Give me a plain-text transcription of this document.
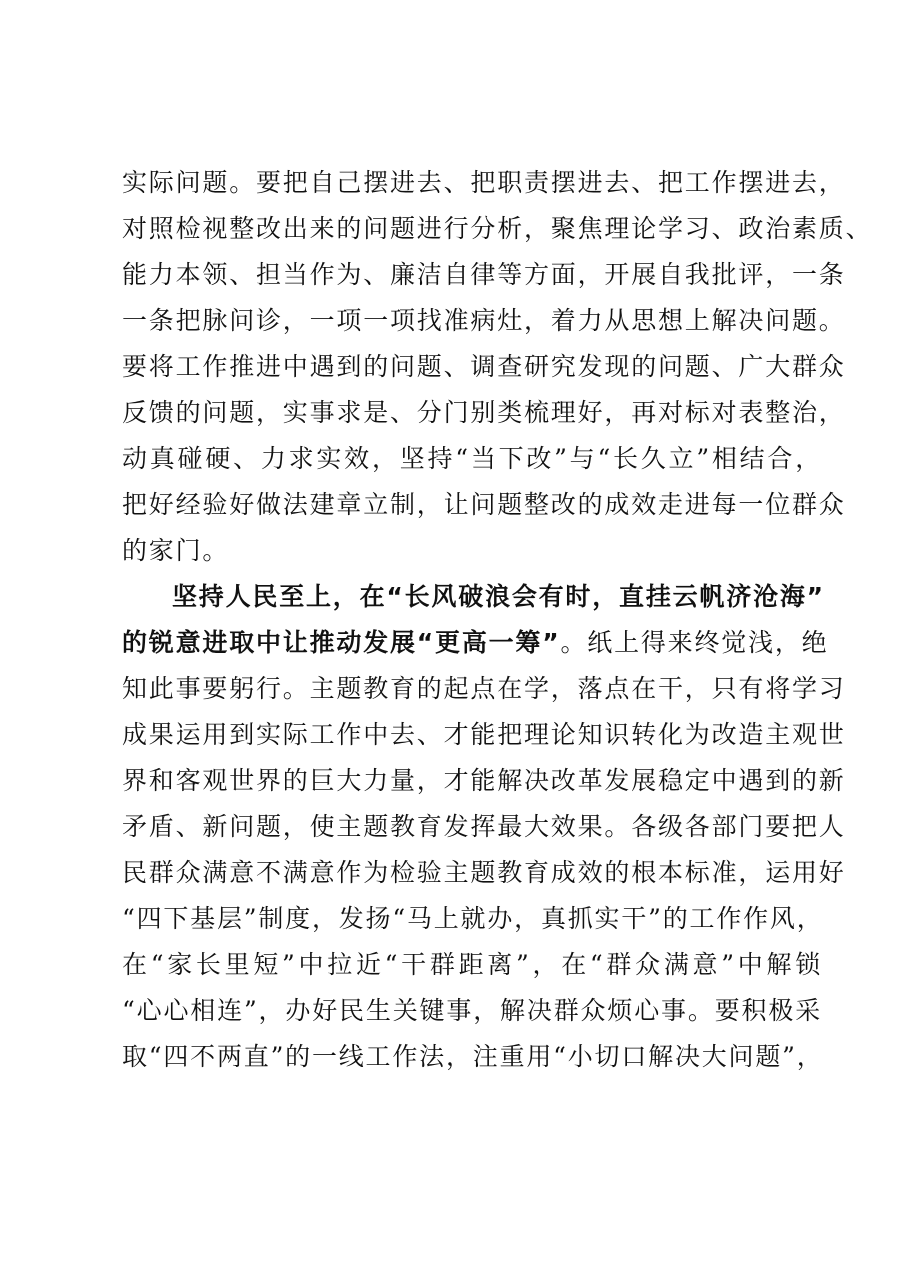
实际问题。要把自己摆进去、把职责摆进去、把工作摆进去，
对照检视整改出来的问题进行分析，聚焦理论学习、政治素质、
能力本领、担当作为、廉洁自律等方面，开展自我批评，一条
一条把脉问诊，一项一项找准病灶，着力从思想上解决问题。
要将工作推进中遇到的问题、调查研究发现的问题、广大群众
反馈的问题，实事求是、分门别类梳理好，再对标对表整治，
动真碰硬、力求实效，坚持“当下改”与“长久立”相结合，
把好经验好做法建章立制，让问题整改的成效走进每一位群众
的家门。
坚持人民至上，在“长风破浪会有时，直挂云帆济沧海”
的锐意进取中让推动发展“更高一筹”。纸上得来终觉浅，绝
知此事要躬行。主题教育的起点在学，落点在干，只有将学习
成果运用到实际工作中去、才能把理论知识转化为改造主观世
界和客观世界的巨大力量，才能解决改革发展稳定中遇到的新
矛盾、新问题，使主题教育发挥最大效果。各级各部门要把人
民群众满意不满意作为检验主题教育成效的根本标准，运用好
“四下基层”制度，发扬“马上就办，真抓实干”的工作作风，
在“家长里短”中拉近“干群距离”，在“群众满意”中解锁
“心心相连”，办好民生关键事，解决群众烦心事。要积极采
取“四不两直”的一线工作法，注重用“小切口解决大问题”，
